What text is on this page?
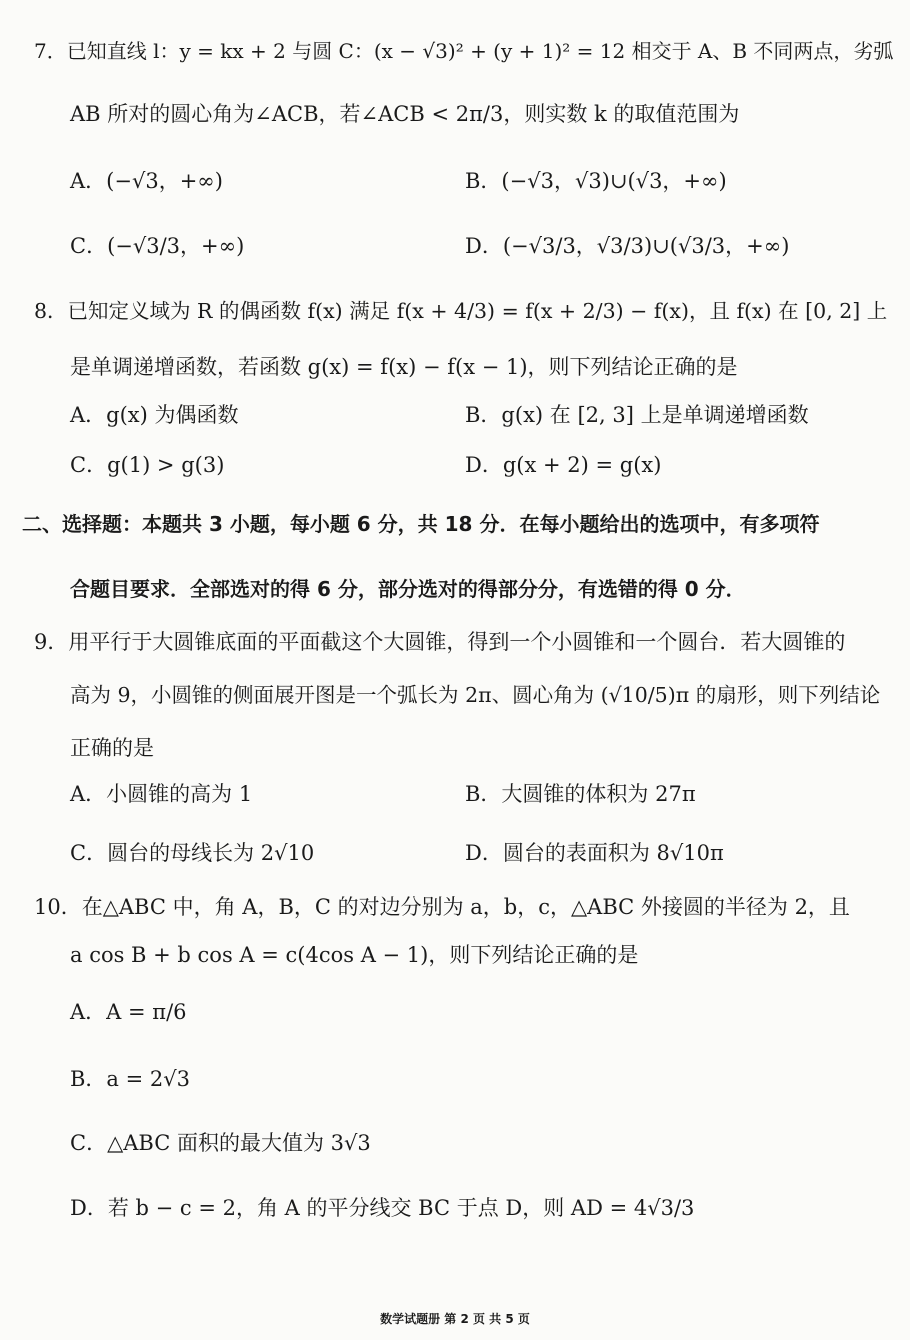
7．已知直线 l：y = kx + 2 与圆 C：(x − √3)² + (y + 1)² = 12 相交于 A、B 不同两点，劣弧
AB 所对的圆心角为∠ACB，若∠ACB < 2π/3，则实数 k 的取值范围为
A．(−√3，+∞)	B．(−√3，√3)∪(√3，+∞)
C．(−√3/3，+∞)	D．(−√3/3，√3/3)∪(√3/3，+∞)
8．已知定义域为 R 的偶函数 f(x) 满足 f(x + 4/3) = f(x + 2/3) − f(x)，且 f(x) 在 [0, 2] 上
是单调递增函数，若函数 g(x) = f(x) − f(x − 1)，则下列结论正确的是
A．g(x) 为偶函数	B．g(x) 在 [2, 3] 上是单调递增函数
C．g(1) > g(3)	D．g(x + 2) = g(x)
二、选择题：本题共 3 小题，每小题 6 分，共 18 分．在每小题给出的选项中，有多项符
合题目要求．全部选对的得 6 分，部分选对的得部分分，有选错的得 0 分．
9．用平行于大圆锥底面的平面截这个大圆锥，得到一个小圆锥和一个圆台．若大圆锥的
高为 9，小圆锥的侧面展开图是一个弧长为 2π、圆心角为 (√10/5)π 的扇形，则下列结论
正确的是
A．小圆锥的高为 1	B．大圆锥的体积为 27π
C．圆台的母线长为 2√10	D．圆台的表面积为 8√10π
10．在△ABC 中，角 A，B，C 的对边分别为 a，b，c，△ABC 外接圆的半径为 2，且
a cos B + b cos A = c(4cos A − 1)，则下列结论正确的是
A．A = π/6
B．a = 2√3
C．△ABC 面积的最大值为 3√3
D．若 b − c = 2，角 A 的平分线交 BC 于点 D，则 AD = 4√3/3
数学试题册 第 2 页 共 5 页
